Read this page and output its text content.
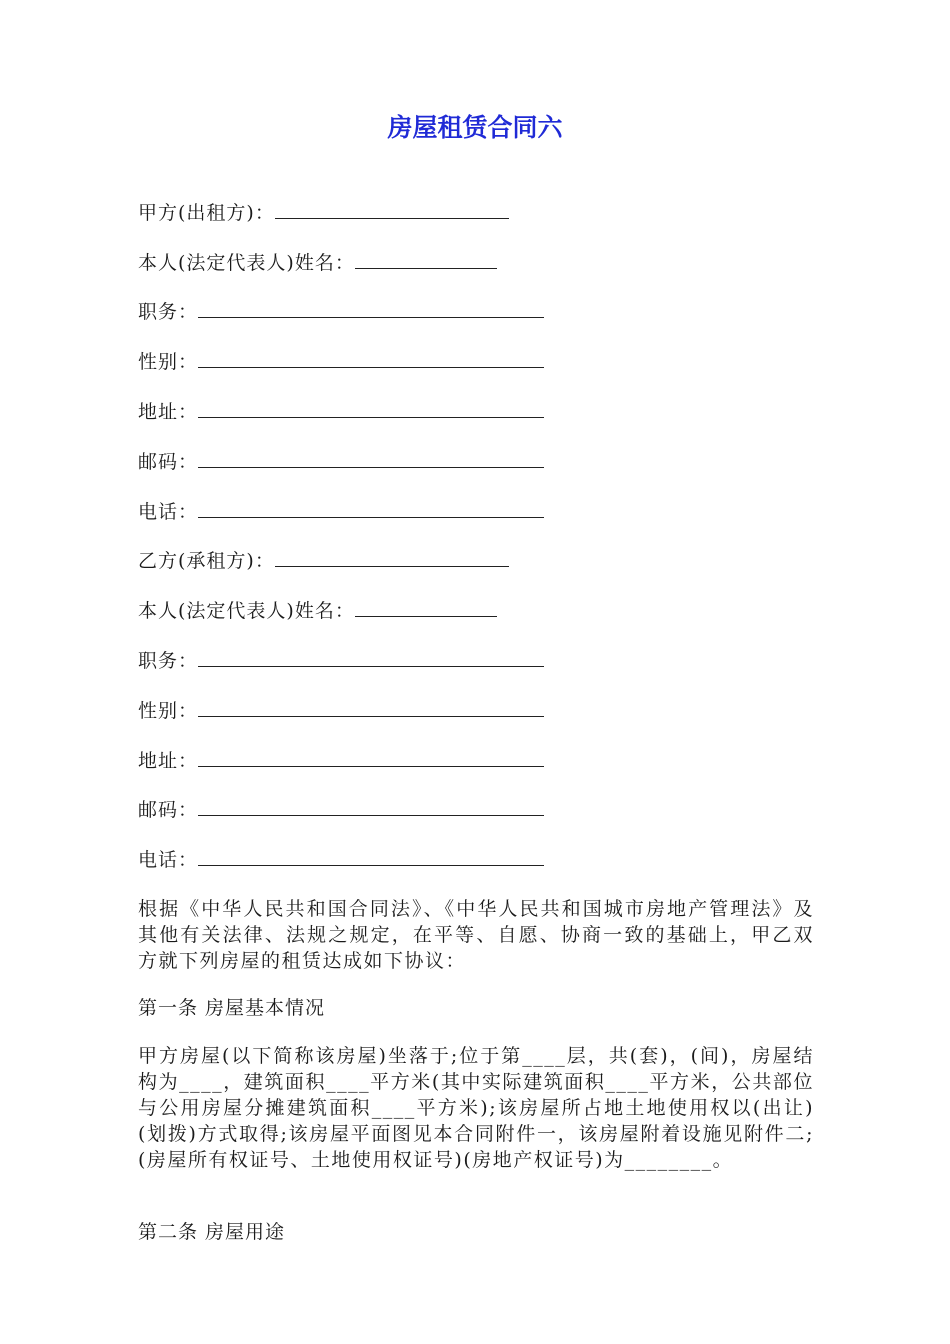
房屋租赁合同六
甲方(出租方)：
本人(法定代表人)姓名：
职务：
性别：
地址：
邮码：
电话：
乙方(承租方)：
本人(法定代表人)姓名：
职务：
性别：
地址：
邮码：
电话：
根据《中华人民共和国合同法》、《中华人民共和国城市房地产管理法》及其他有关法律、法规之规定，在平等、自愿、协商一致的基础上，甲乙双方就下列房屋的租赁达成如下协议：
第一条 房屋基本情况
甲方房屋(以下简称该房屋)坐落于;位于第____层，共(套)，(间)，房屋结构为____，建筑面积____平方米(其中实际建筑面积____平方米，公共部位与公用房屋分摊建筑面积____平方米);该房屋所占地土地使用权以(出让)(划拨)方式取得;该房屋平面图见本合同附件一，该房屋附着设施见附件二;(房屋所有权证号、土地使用权证号)(房地产权证号)为________。
第二条 房屋用途
